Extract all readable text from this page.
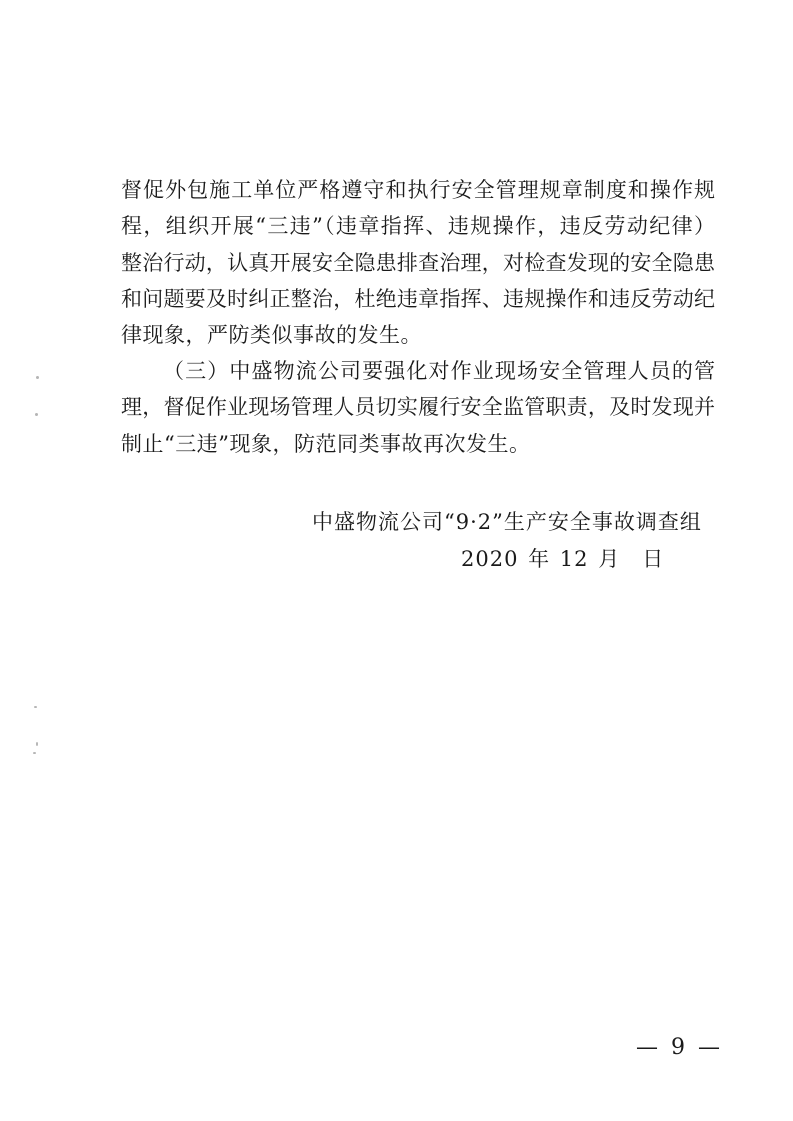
督促外包施工单位严格遵守和执行安全管理规章制度和操作规
程，组织开展“三违”（违章指挥、违规操作，违反劳动纪律）
整治行动，认真开展安全隐患排查治理，对检查发现的安全隐患
和问题要及时纠正整治，杜绝违章指挥、违规操作和违反劳动纪
律现象，严防类似事故的发生。
（三）中盛物流公司要强化对作业现场安全管理人员的管
理，督促作业现场管理人员切实履行安全监管职责，及时发现并
制止“三违”现象，防范同类事故再次发生。
中盛物流公司“9·2”生产安全事故调查组
2020 年 12 月　日
— 9 —
